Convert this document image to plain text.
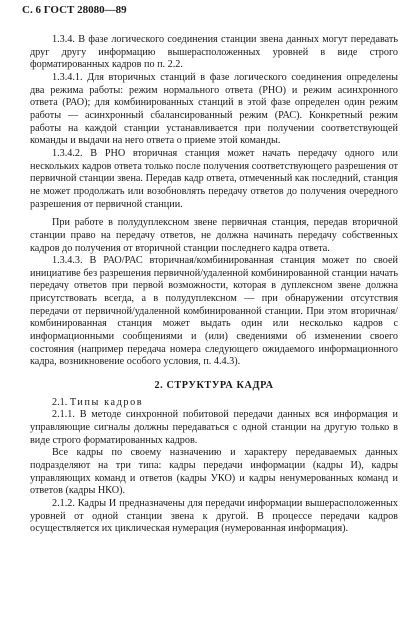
С. 6 ГОСТ 28080—89

1.3.4. В фазе логического соединения станции звена данных могут передавать друг другу информацию вышерасположенных уровней в виде строго форматированных кадров по п. 2.2.

1.3.4.1. Для вторичных станций в фазе логического соединения определены два режима работы: режим нормального ответа (РНО) и режим асинхронного ответа (РАО); для комбинированных станций в этой фазе определен один режим работы — асинхронный сбалансированный режим (РАС). Конкретный режим работы на каждой станции устанавливается при получении соответствующей команды и выдачи на него ответа о приеме этой команды.

1.3.4.2. В РНО вторичная станция может начать передачу одного или нескольких кадров ответа только после получения соответствующего разрешения от первичной станции звена. Передав кадр ответа, отмеченный как последний, станция не может продолжать или возобновлять передачу ответов до получения очередного разрешения от первичной станции.

При работе в полудуплексном звене первичная станция, передав вторичной станции право на передачу ответов, не должна начинать передачу собственных кадров до получения от вторичной станции последнего кадра ответа.

1.3.4.3. В РАО/РАС вторичная/комбинированная станция может по своей инициативе без разрешения первичной/удаленной комбинированной станции начать передачу ответов при первой возможности, которая в дуплексном звене должна присутствовать всегда, а в полудуплексном — при обнаружении отсутствия передачи от первичной/удаленной комбинированной станции. При этом вторичная/комбинированная станция может выдать один или несколько кадров с информационными сообщениями и (или) сведениями об изменении своего состояния (например передача номера следующего ожидаемого информационного кадра, возникновение особого условия, п. 4.4.3).

2. СТРУКТУРА КАДРА

2.1. Типы кадров

2.1.1. В методе синхронной побитовой передачи данных вся информация и управляющие сигналы должны передаваться с одной станции на другую только в виде строго форматированных кадров.

Все кадры по своему назначению и характеру передаваемых данных подразделяют на три типа: кадры передачи информации (кадры И), кадры управляющих команд и ответов (кадры УКО) и кадры ненумерованных команд и ответов (кадры НКО).

2.1.2. Кадры И предназначены для передачи информации вышерасположенных уровней от одной станции звена к другой. В процессе передачи кадров осуществляется их циклическая нумерация (нумерованная информация).
